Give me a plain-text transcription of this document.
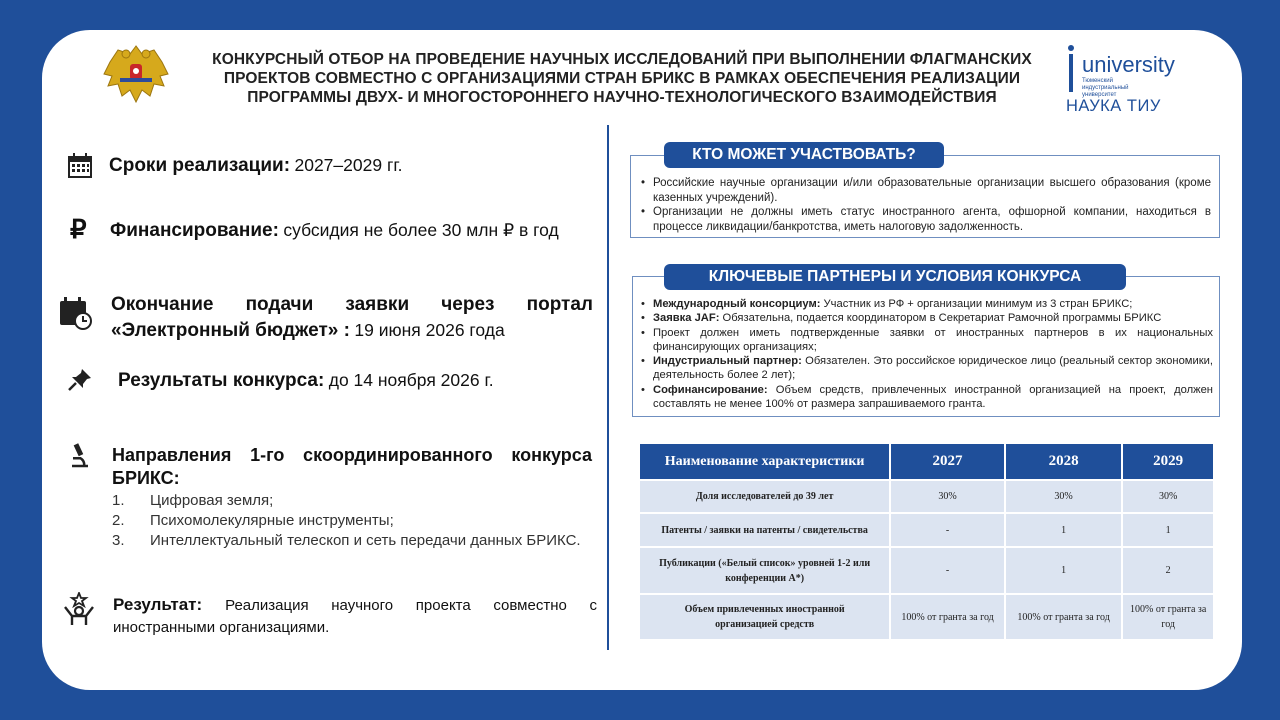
КОНКУРСНЫЙ ОТБОР НА ПРОВЕДЕНИЕ НАУЧНЫХ ИССЛЕДОВАНИЙ ПРИ ВЫПОЛНЕНИИ ФЛАГМАНСКИХ ПРОЕКТОВ СОВМЕСТНО С ОРГАНИЗАЦИЯМИ СТРАН БРИКС В РАМКАХ ОБЕСПЕЧЕНИЯ РЕАЛИЗАЦИИ ПРОГРАММЫ ДВУХ- И МНОГОСТОРОННЕГО НАУЧНО-ТЕХНОЛОГИЧЕСКОГО ВЗАИМОДЕЙСТВИЯ
university
Тюменский индустриальный университет
НАУКА ТИУ
Сроки реализации: 2027–2029 гг.
₽	Финансирование: субсидия не более 30 млн ₽ в год
Окончание подачи заявки через портал «Электронный бюджет» : 19 июня 2026 года
Результаты конкурса: до 14 ноября 2026 г.
Направления 1-го скоординированного конкурса БРИКС:
1. Цифровая земля;
2. Психомолекулярные инструменты;
3. Интеллектуальный телескоп и сеть передачи данных БРИКС.
Результат: Реализация научного проекта совместно с иностранными организациями.
• Российские научные организации и/или образовательные организации высшего образования (кроме казенных учреждений).
• Организации не должны иметь статус иностранного агента, офшорной компании, находиться в процессе ликвидации/банкротства, иметь налоговую задолженность.
КТО МОЖЕТ УЧАСТВОВАТЬ?
• Международный консорциум: Участник из РФ + организации минимум из 3 стран БРИКС;
• Заявка JAF: Обязательна, подается координатором в Секретариат Рамочной программы БРИКС
• Проект должен иметь подтвержденные заявки от иностранных партнеров в их национальных финансирующих организациях;
• Индустриальный партнер: Обязателен. Это российское юридическое лицо (реальный сектор экономики, деятельность более 2 лет);
• Софинансирование: Объем средств, привлеченных иностранной организацией на проект, должен составлять не менее 100% от размера запрашиваемого гранта.
КЛЮЧЕВЫЕ ПАРТНЕРЫ И УСЛОВИЯ КОНКУРСА
Наименование характеристики	2027	2028	2029
Доля исследователей до 39 лет	30%	30%	30%
Патенты / заявки на патенты / свидетельства	-	1	1
Публикации («Белый список» уровней 1-2 или конференции А*)	-	1	2
Объем привлеченных иностранной организацией средств	100% от гранта за год	100% от гранта за год	100% от гранта за год
